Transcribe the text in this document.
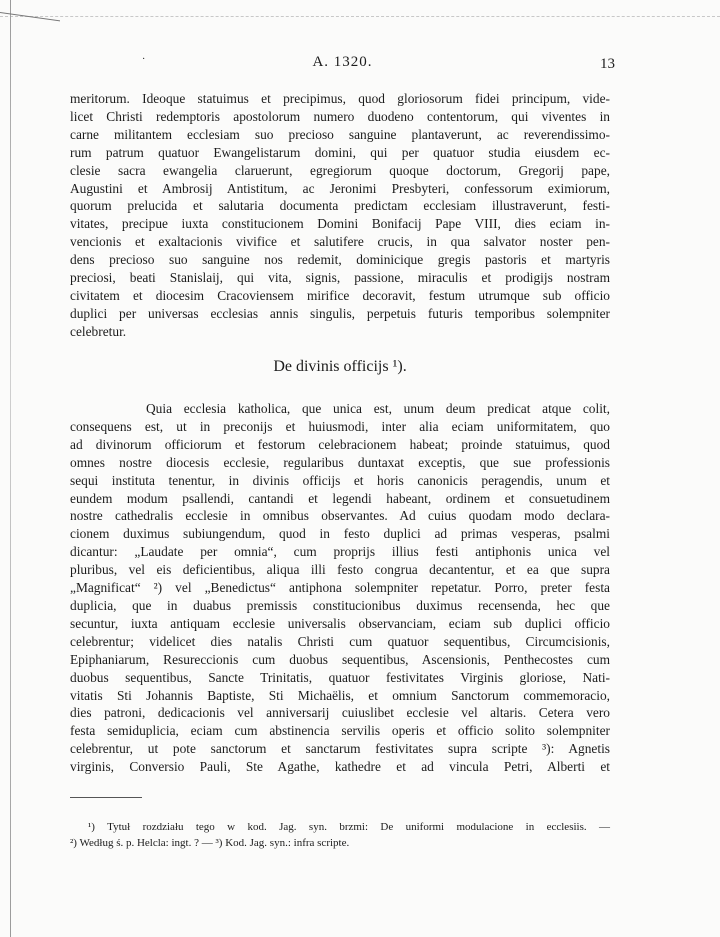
·	A. 1320.	13
meritorum. Ideoque statuimus et precipimus, quod gloriosorum fidei principum, vide-
licet Christi redemptoris apostolorum numero duodeno contentorum, qui viventes in
carne militantem ecclesiam suo precioso sanguine plantaverunt, ac reverendissimo-
rum patrum quatuor Ewangelistarum domini, qui per quatuor studia eiusdem ec-
clesie sacra ewangelia claruerunt, egregiorum quoque doctorum, Gregorij pape,
Augustini et Ambrosij Antistitum, ac Jeronimi Presbyteri, confessorum eximiorum,
quorum prelucida et salutaria documenta predictam ecclesiam illustraverunt, festi-
vitates, precipue iuxta constitucionem Domini Bonifacij Pape VIII, dies eciam in-
vencionis et exaltacionis vivifice et salutifere crucis, in qua salvator noster pen-
dens precioso suo sanguine nos redemit, dominicique gregis pastoris et martyris
preciosi, beati Stanislaij, qui vita, signis, passione, miraculis et prodigijs nostram
civitatem et diocesim Cracoviensem mirifice decoravit, festum utrumque sub officio
duplici per universas ecclesias annis singulis, perpetuis futuris temporibus solempniter
celebretur.
De divinis officijs ¹).
Quia ecclesia katholica, que unica est, unum deum predicat atque colit,
consequens est, ut in preconijs et huiusmodi, inter alia eciam uniformitatem, quo
ad divinorum officiorum et festorum celebracionem habeat; proinde statuimus, quod
omnes nostre diocesis ecclesie, regularibus duntaxat exceptis, que sue professionis
sequi instituta tenentur, in divinis officijs et horis canonicis peragendis, unum et
eundem modum psallendi, cantandi et legendi habeant, ordinem et consuetudinem
nostre cathedralis ecclesie in omnibus observantes. Ad cuius quodam modo declara-
cionem duximus subiungendum, quod in festo duplici ad primas vesperas, psalmi
dicantur: „Laudate per omnia“, cum proprijs illius festi antiphonis unica vel
pluribus, vel eis deficientibus, aliqua illi festo congrua decantentur, et ea que supra
„Magnificat“ ²) vel „Benedictus“ antiphona solempniter repetatur. Porro, preter festa
duplicia, que in duabus premissis constitucionibus duximus recensenda, hec que
secuntur, iuxta antiquam ecclesie universalis observanciam, eciam sub duplici officio
celebrentur; videlicet dies natalis Christi cum quatuor sequentibus, Circumcisionis,
Epiphaniarum, Resureccionis cum duobus sequentibus, Ascensionis, Penthecostes cum
duobus sequentibus, Sancte Trinitatis, quatuor festivitates Virginis gloriose, Nati-
vitatis Sti Johannis Baptiste, Sti Michaëlis, et omnium Sanctorum commemoracio,
dies patroni, dedicacionis vel anniversarij cuiuslibet ecclesie vel altaris. Cetera vero
festa semiduplicia, eciam cum abstinencia servilis operis et officio solito solempniter
celebrentur, ut pote sanctorum et sanctarum festivitates supra scripte ³): Agnetis
virginis, Conversio Pauli, Ste Agathe, kathedre et ad vincula Petri, Alberti et
¹) Tytuł rozdziału tego w kod. Jag. syn. brzmi: De uniformi modulacione in ecclesiis. —
²) Według ś. p. Helcla: ingt. ? — ³) Kod. Jag. syn.: infra scripte.
